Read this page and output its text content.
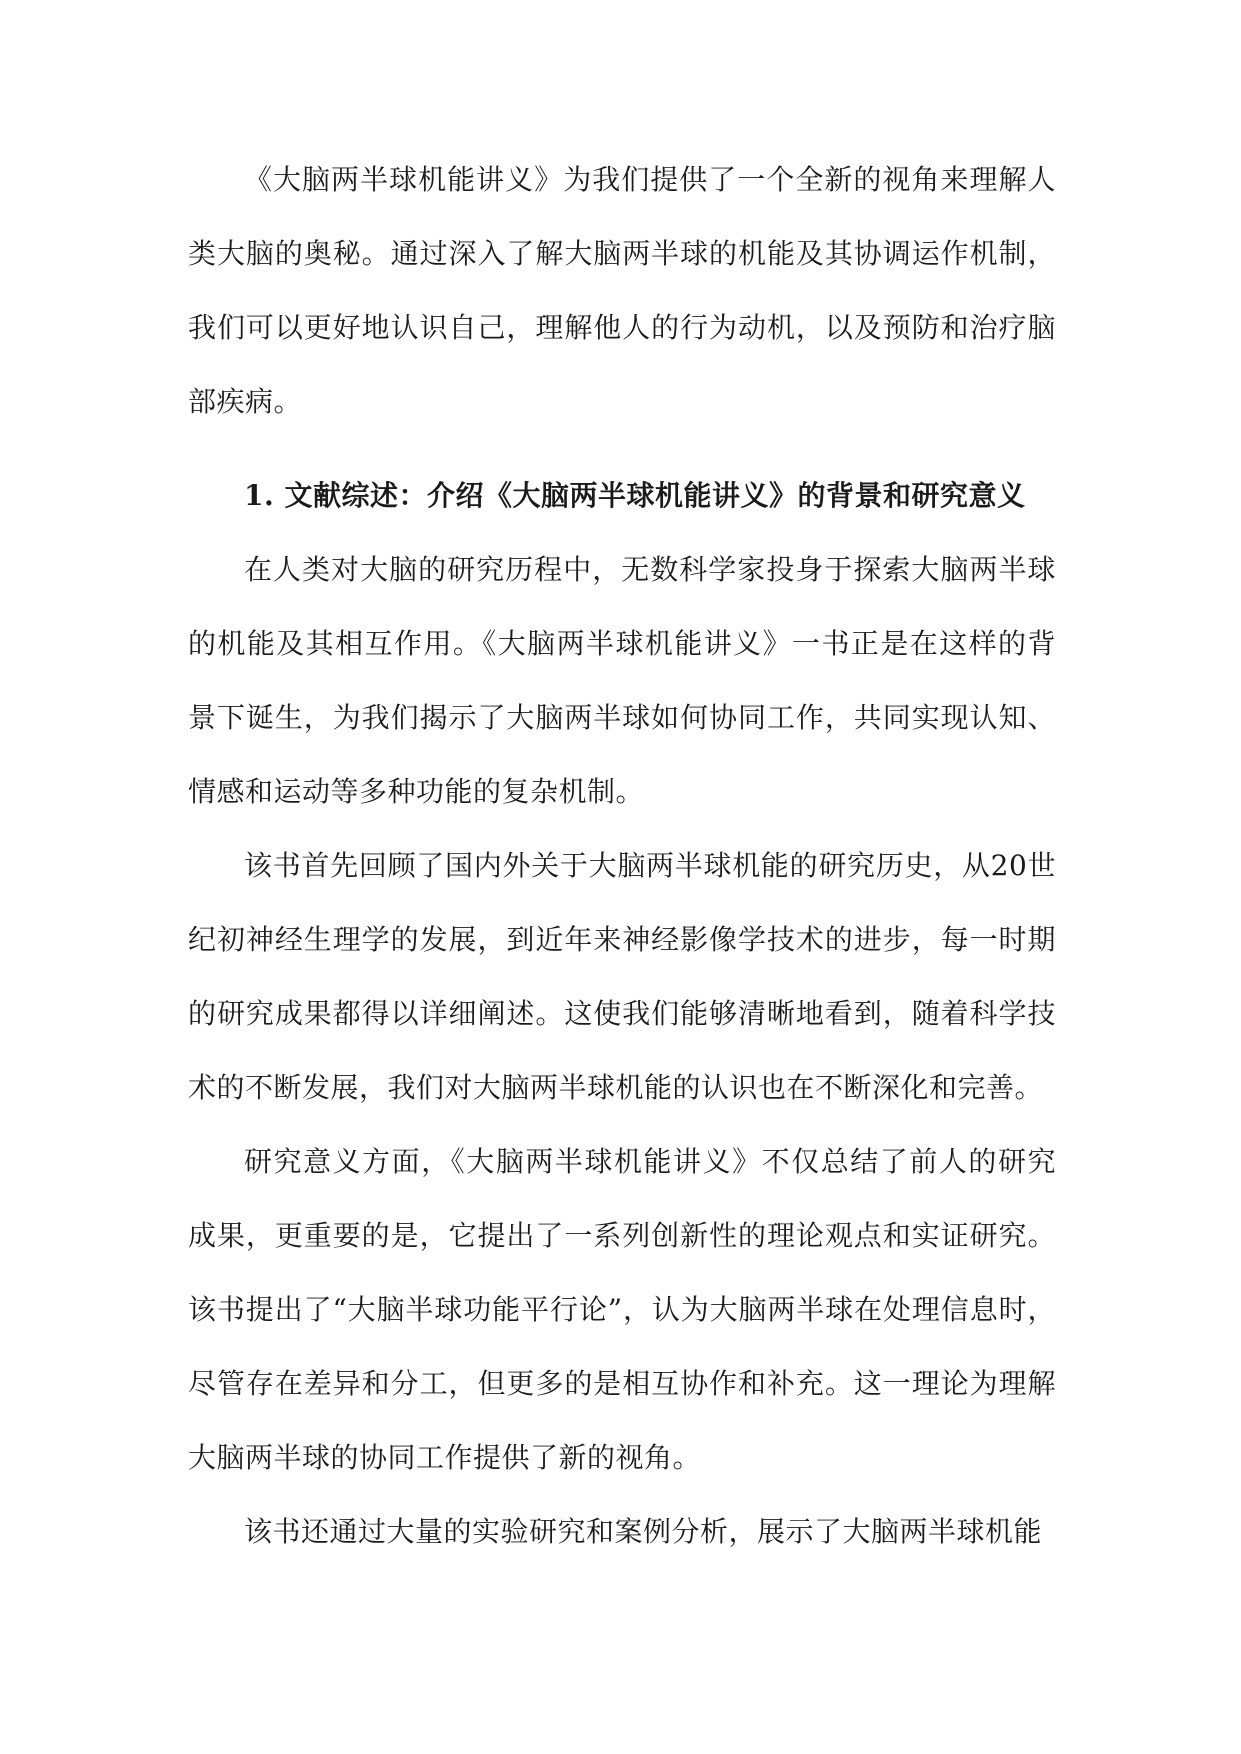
《大脑两半球机能讲义》为我们提供了一个全新的视角来理解人类大脑的奥秘。通过深入了解大脑两半球的机能及其协调运作机制，我们可以更好地认识自己，理解他人的行为动机，以及预防和治疗脑部疾病。

1. 文献综述：介绍《大脑两半球机能讲义》的背景和研究意义

在人类对大脑的研究历程中，无数科学家投身于探索大脑两半球的机能及其相互作用。《大脑两半球机能讲义》一书正是在这样的背景下诞生，为我们揭示了大脑两半球如何协同工作，共同实现认知、情感和运动等多种功能的复杂机制。

该书首先回顾了国内外关于大脑两半球机能的研究历史，从20世纪初神经生理学的发展，到近年来神经影像学技术的进步，每一时期的研究成果都得以详细阐述。这使我们能够清晰地看到，随着科学技术的不断发展，我们对大脑两半球机能的认识也在不断深化和完善。

研究意义方面，《大脑两半球机能讲义》不仅总结了前人的研究成果，更重要的是，它提出了一系列创新性的理论观点和实证研究。该书提出了“大脑半球功能平行论”，认为大脑两半球在处理信息时，尽管存在差异和分工，但更多的是相互协作和补充。这一理论为理解大脑两半球的协同工作提供了新的视角。

该书还通过大量的实验研究和案例分析，展示了大脑两半球机能
